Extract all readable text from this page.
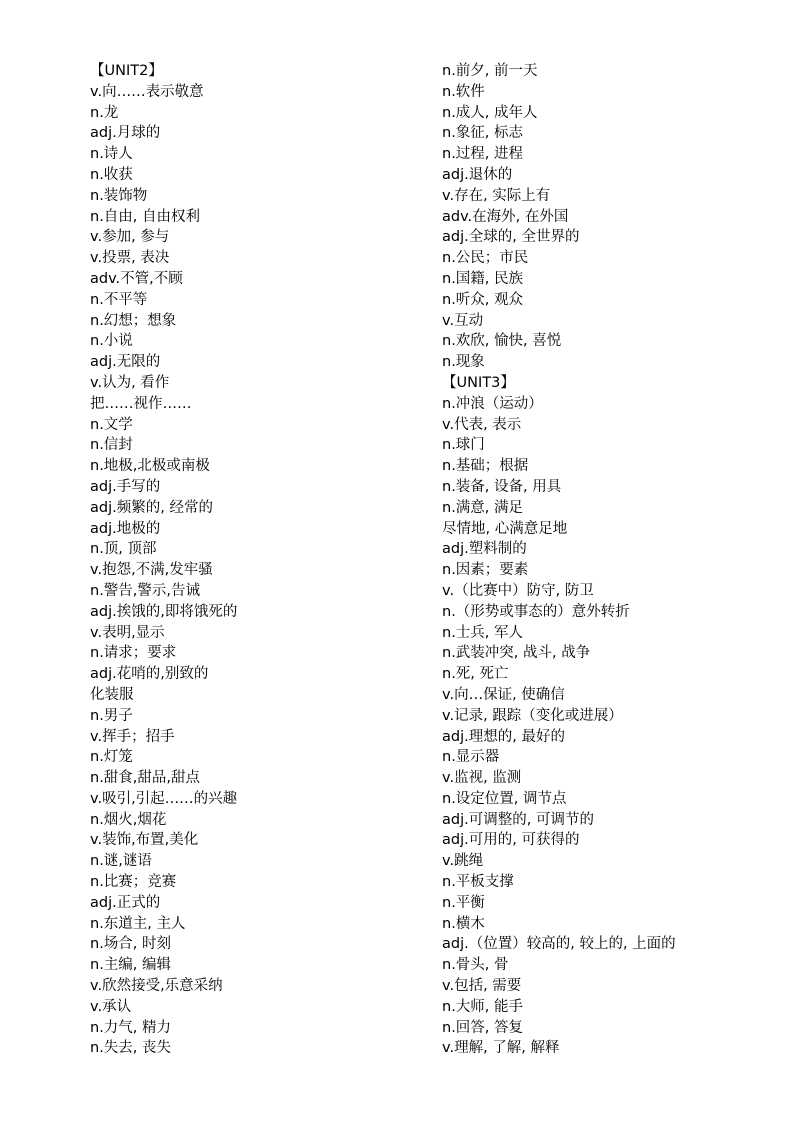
【UNIT2】
v.向……表示敬意
n.龙
adj.月球的
n.诗人
n.收获
n.装饰物
n.自由, 自由权利
v.参加, 参与
v.投票, 表决
adv.不管,不顾
n.不平等
n.幻想；想象
n.小说
adj.无限的
v.认为, 看作
把……视作……
n.文学
n.信封
n.地极,北极或南极
adj.手写的
adj.频繁的, 经常的
adj.地极的
n.顶, 顶部
v.抱怨,不满,发牢骚
n.警告,警示,告诫
adj.挨饿的,即将饿死的
v.表明,显示
n.请求；要求
adj.花哨的,别致的
化装服
n.男子
v.挥手；招手
n.灯笼
n.甜食,甜品,甜点
v.吸引,引起……的兴趣
n.烟火,烟花
v.装饰,布置,美化
n.谜,谜语
n.比赛；竞赛
adj.正式的
n.东道主, 主人
n.场合, 时刻
n.主编, 编辑
v.欣然接受,乐意采纳
v.承认
n.力气, 精力
n.失去, 丧失
n.前夕, 前一天
n.软件
n.成人, 成年人
n.象征, 标志
n.过程, 进程
adj.退休的
v.存在, 实际上有
adv.在海外, 在外国
adj.全球的, 全世界的
n.公民；市民
n.国籍, 民族
n.听众, 观众
v.互动
n.欢欣, 愉快, 喜悦
n.现象
【UNIT3】
n.冲浪（运动）
v.代表, 表示
n.球门
n.基础；根据
n.装备, 设备, 用具
n.满意, 满足
尽情地, 心满意足地
adj.塑料制的
n.因素；要素
v.（比赛中）防守, 防卫
n.（形势或事态的）意外转折
n.士兵, 军人
n.武装冲突, 战斗, 战争
n.死, 死亡
v.向…保证, 使确信
v.记录, 跟踪（变化或进展）
adj.理想的, 最好的
n.显示器
v.监视, 监测
n.设定位置, 调节点
adj.可调整的, 可调节的
adj.可用的, 可获得的
v.跳绳
n.平板支撑
n.平衡
n.横木
adj.（位置）较高的, 较上的, 上面的
n.骨头, 骨
v.包括, 需要
n.大师, 能手
n.回答, 答复
v.理解, 了解, 解释
